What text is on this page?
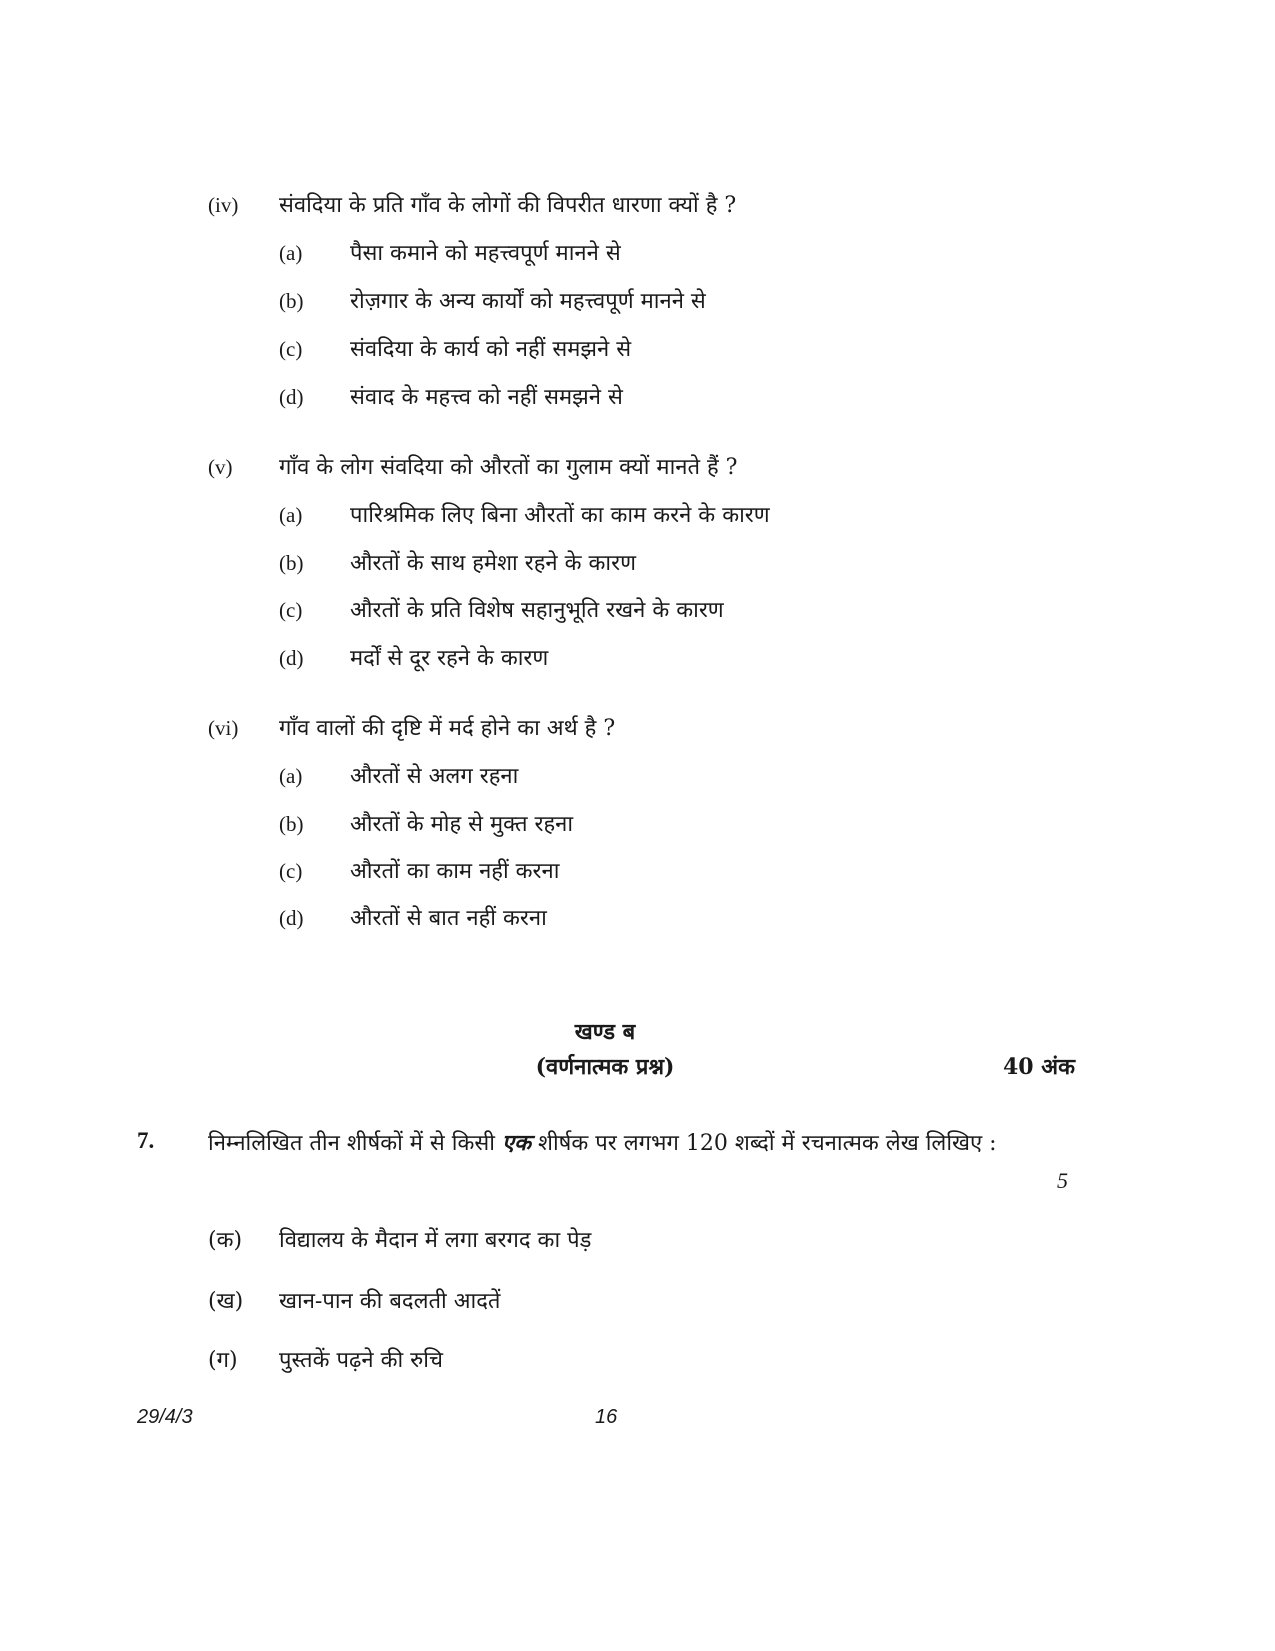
(iv) संवदिया के प्रति गाँव के लोगों की विपरीत धारणा क्यों है ?
(a) पैसा कमाने को महत्त्वपूर्ण मानने से
(b) रोज़गार के अन्य कार्यों को महत्त्वपूर्ण मानने से
(c) संवदिया के कार्य को नहीं समझने से
(d) संवाद के महत्त्व को नहीं समझने से
(v) गाँव के लोग संवदिया को औरतों का गुलाम क्यों मानते हैं ?
(a) पारिश्रमिक लिए बिना औरतों का काम करने के कारण
(b) औरतों के साथ हमेशा रहने के कारण
(c) औरतों के प्रति विशेष सहानुभूति रखने के कारण
(d) मर्दों से दूर रहने के कारण
(vi) गाँव वालों की दृष्टि में मर्द होने का अर्थ है ?
(a) औरतों से अलग रहना
(b) औरतों के मोह से मुक्त रहना
(c) औरतों का काम नहीं करना
(d) औरतों से बात नहीं करना
खण्ड ब
(वर्णनात्मक प्रश्न)	40 अंक
7. निम्नलिखित तीन शीर्षकों में से किसी एक शीर्षक पर लगभग 120 शब्दों में रचनात्मक लेख लिखिए :
5
(क) विद्यालय के मैदान में लगा बरगद का पेड़
(ख) खान-पान की बदलती आदतें
(ग) पुस्तकें पढ़ने की रुचि
29/4/3	16
